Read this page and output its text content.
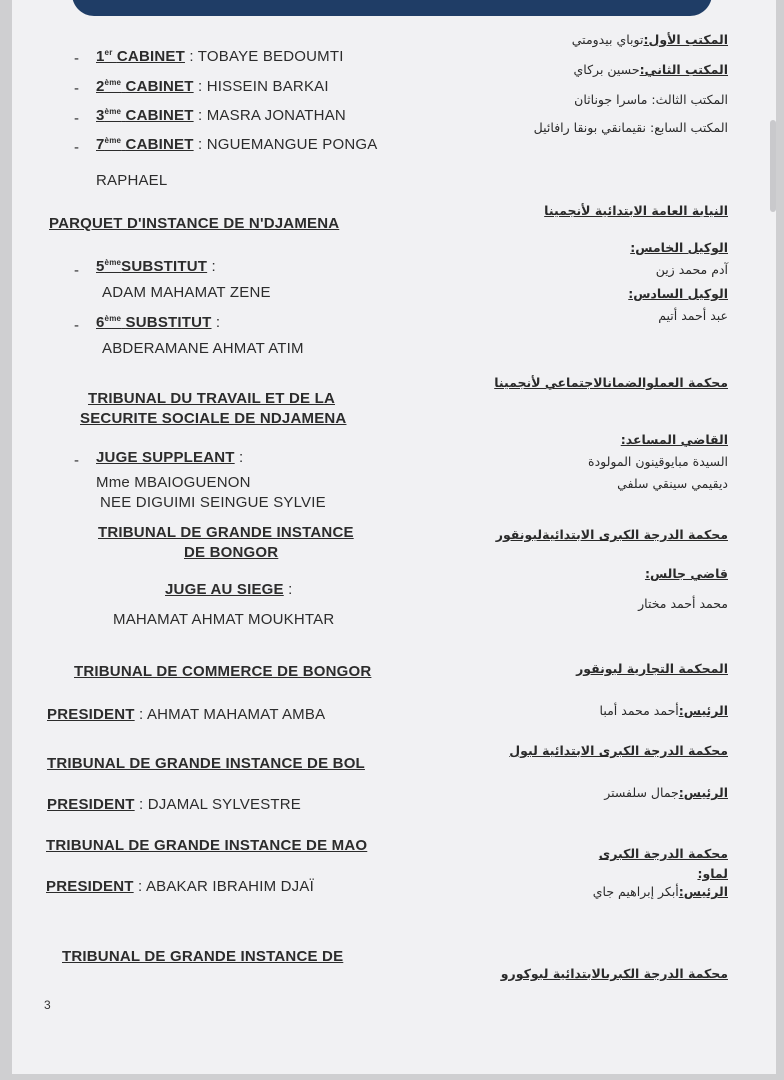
- 1er CABINET : TOBAYE BEDOUMTI
- 2ème CABINET : HISSEIN BARKAI
- 3ème CABINET : MASRA JONATHAN
- 7ème CABINET : NGUEMANGUE PONGA
RAPHAEL
PARQUET D'INSTANCE DE N'DJAMENA
- 5èmeSUBSTITUT :
ADAM MAHAMAT ZENE
- 6ème SUBSTITUT :
ABDERAMANE AHMAT ATIM
TRIBUNAL DU TRAVAIL ET DE LA
SECURITE SOCIALE DE NDJAMENA
- JUGE SUPPLEANT :
Mme MBAIOGUENON
NEE DIGUIMI SEINGUE SYLVIE
TRIBUNAL DE GRANDE INSTANCE
DE BONGOR
JUGE AU SIEGE :
MAHAMAT AHMAT MOUKHTAR
TRIBUNAL DE COMMERCE DE BONGOR
PRESIDENT : AHMAT MAHAMAT AMBA
TRIBUNAL DE GRANDE INSTANCE DE BOL
PRESIDENT : DJAMAL SYLVESTRE
TRIBUNAL DE GRANDE INSTANCE DE MAO
PRESIDENT : ABAKAR IBRAHIM DJAÏ
TRIBUNAL DE GRANDE INSTANCE DE
المكتب الأول:توباي بيدومتي
المكتب الثاني:حسين بركاي
المكتب الثالث: ماسرا جوناثان
المكتب السابع: نقيمانقي بونقا رافائيل
النيابة العامة الابتدائية لأنجمينا
الوكيل الخامس:
آدم محمد زين
الوكيل السادس:
عبد أحمد أتيم
محكمة العملوالضمانالاجتماعي لأنجمينا
القاضي المساعد:
السيدة مبايوقينون المولودة
ديقيمي سينقي سلفي
محكمة الدرجة الكبرى الابتدائيةلبونقور
قاضي جالس:
محمد أحمد مختار
المحكمة التجارية لبونقور
الرئيس:أحمد محمد أمبا
محكمة الدرجة الكبرى الابتدائية لبول
الرئيس:جمال سلفستر
محكمة الدرجة الكبرى
لماو:
الرئيس:أبكر إبراهيم جاي
محكمة الدرجة الكبرىالابتدائية لبوكورو
3
